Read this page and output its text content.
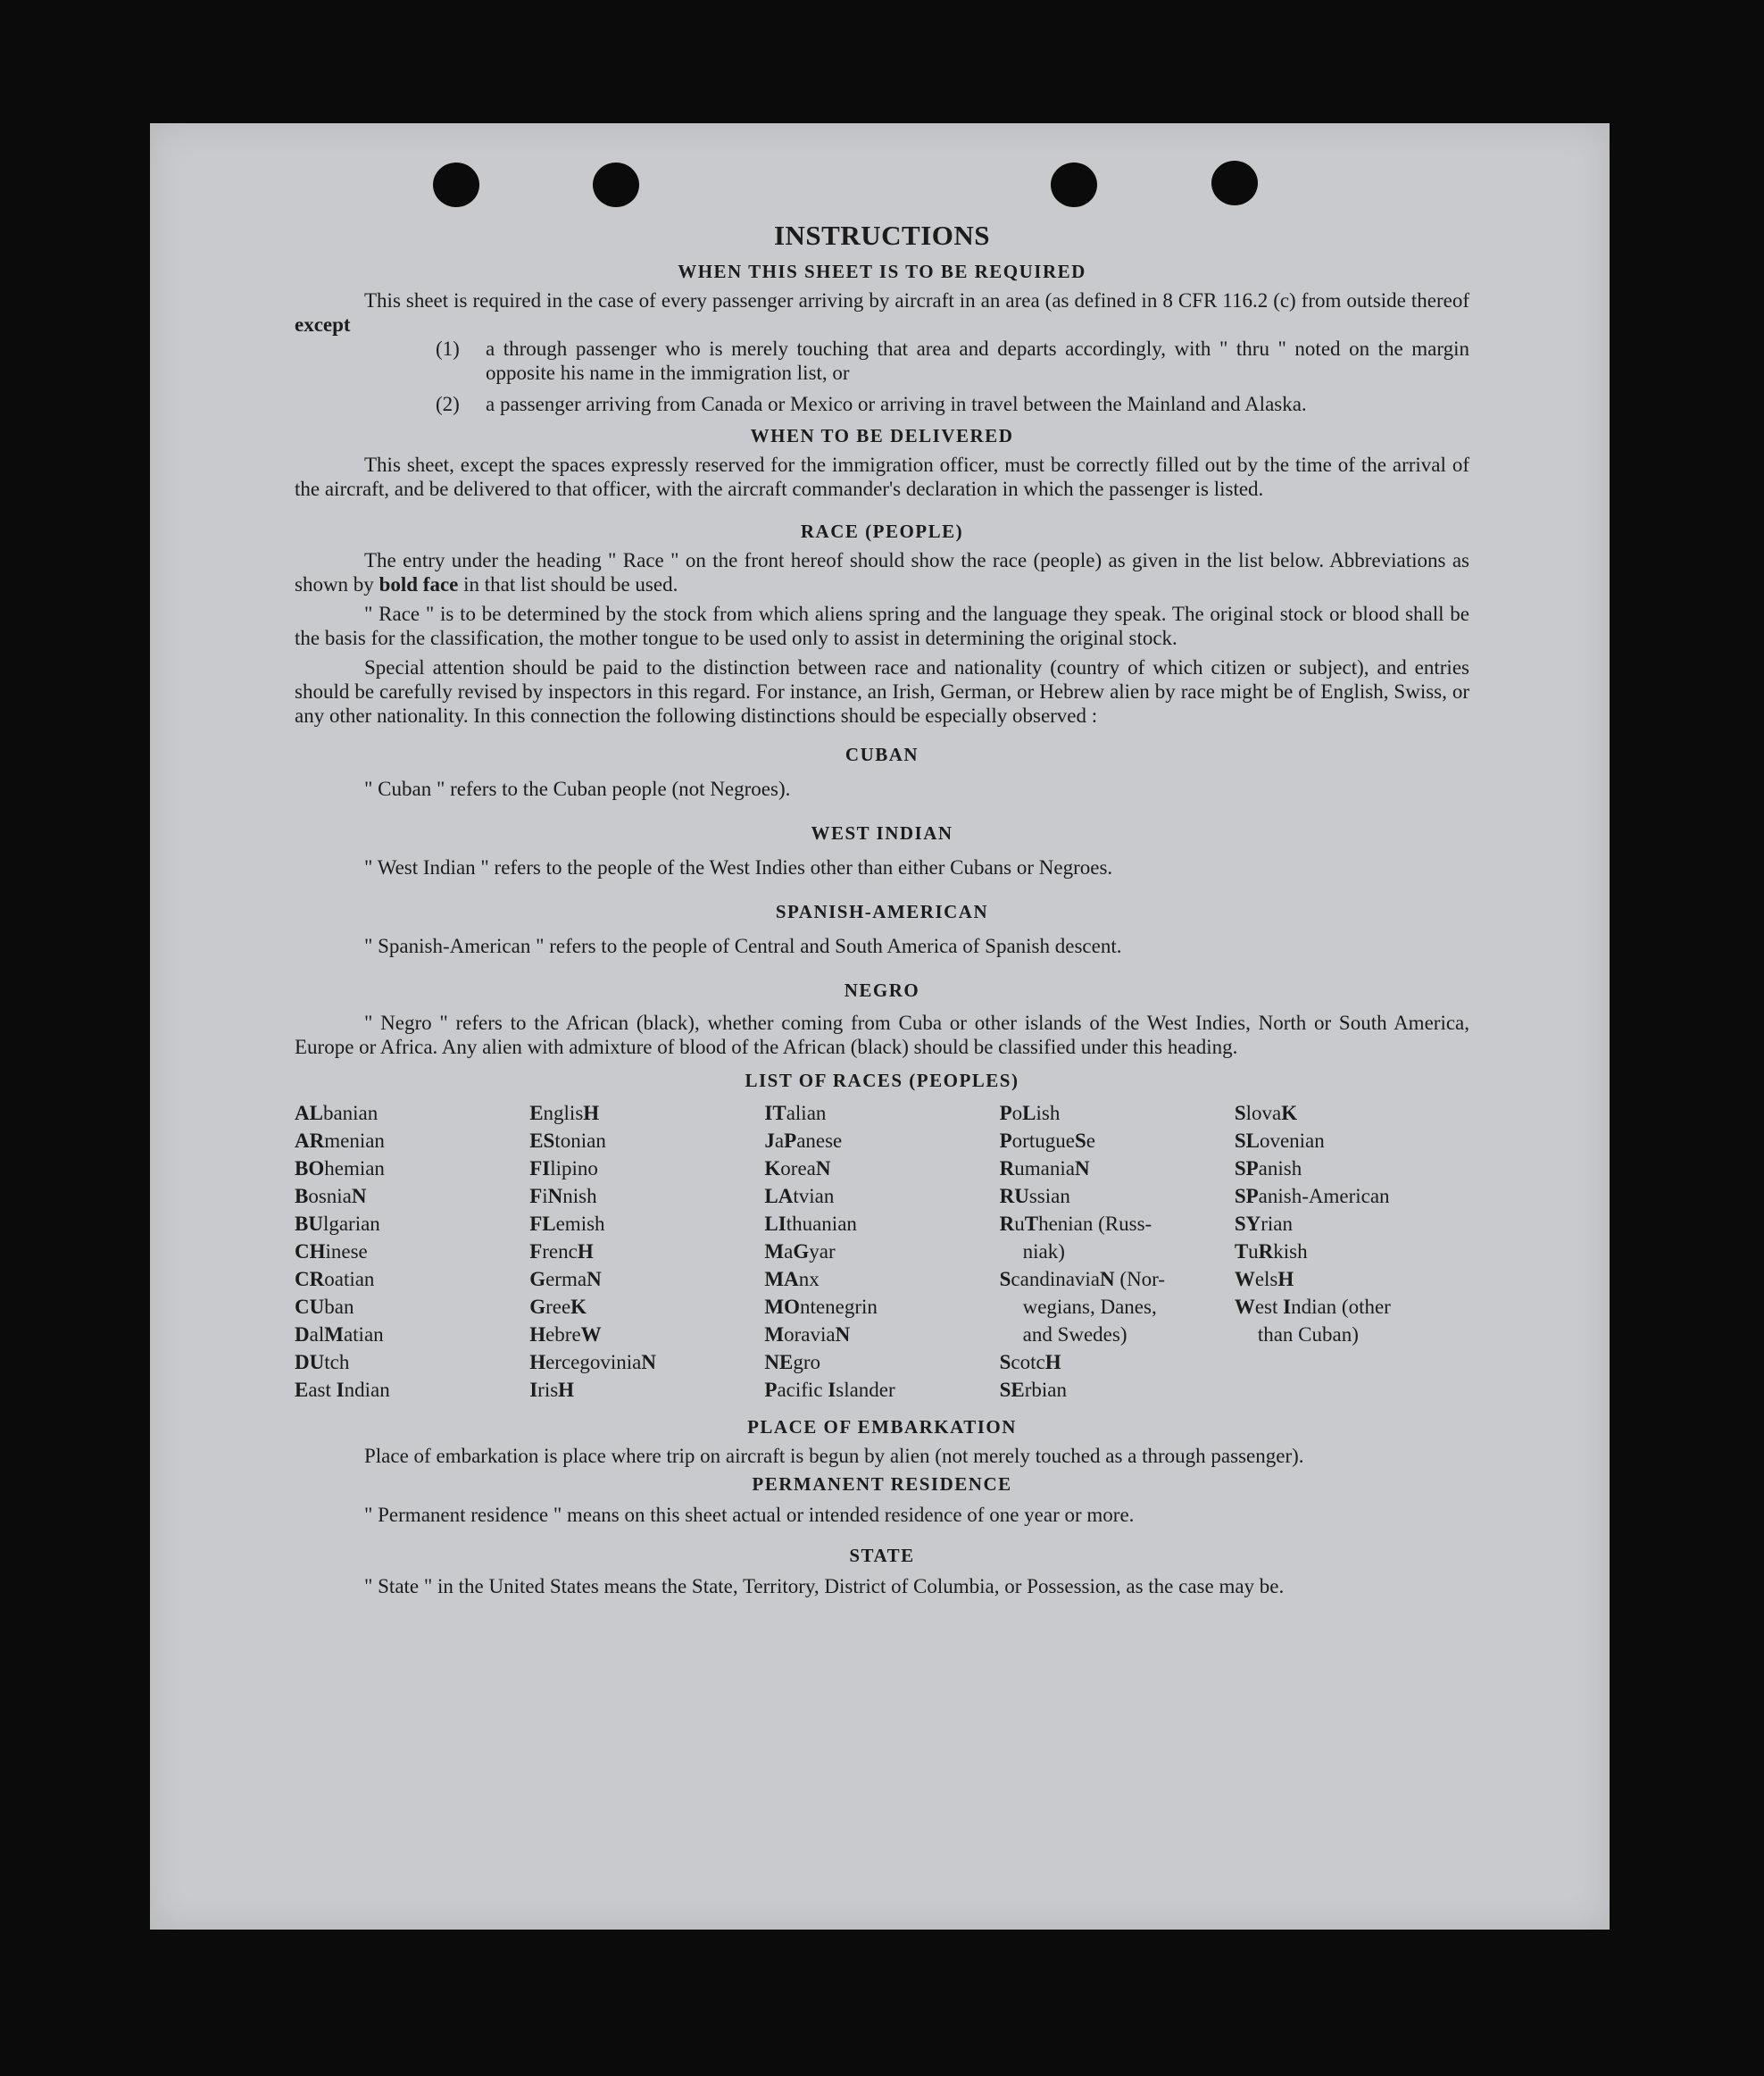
INSTRUCTIONS
WHEN THIS SHEET IS TO BE REQUIRED

This sheet is required in the case of every passenger arriving by aircraft in an area (as defined in 8 CFR 116.2 (c) from outside thereof except

(1)	a through passenger who is merely touching that area and departs accordingly, with " thru " noted on the margin opposite his name in the immigration list, or
(2)	a passenger arriving from Canada or Mexico or arriving in travel between the Mainland and Alaska.
WHEN TO BE DELIVERED

This sheet, except the spaces expressly reserved for the immigration officer, must be correctly filled out by the time of the arrival of the aircraft, and be delivered to that officer, with the aircraft commander's declaration in which the passenger is listed.

RACE (PEOPLE)

The entry under the heading " Race " on the front hereof should show the race (people) as given in the list below. Abbreviations as shown by bold face in that list should be used.

" Race " is to be determined by the stock from which aliens spring and the language they speak. The original stock or blood shall be the basis for the classification, the mother tongue to be used only to assist in determining the original stock.

Special attention should be paid to the distinction between race and nationality (country of which citizen or subject), and entries should be carefully revised by inspectors in this regard. For instance, an Irish, German, or Hebrew alien by race might be of English, Swiss, or any other nationality. In this connection the following distinctions should be especially observed :

CUBAN

" Cuban " refers to the Cuban people (not Negroes).

WEST INDIAN

" West Indian " refers to the people of the West Indies other than either Cubans or Negroes.

SPANISH-AMERICAN

" Spanish-American " refers to the people of Central and South America of Spanish descent.

NEGRO

" Negro " refers to the African (black), whether coming from Cuba or other islands of the West Indies, North or South America, Europe or Africa. Any alien with admixture of blood of the African (black) should be classified under this heading.

LIST OF RACES (PEOPLES)
ALbanian
ARmenian
BOhemian
BosniaN
BUlgarian
CHinese
CRoatian
CUban
DalMatian
DUtch
East Indian
EnglisH
EStonian
FIlipino
FiNnish
FLemish
FrencH
GermaN
GreeK
HebreW
HercegoviniaN
IrisH
ITalian
JaPanese
KoreaN
LAtvian
LIthuanian
MaGyar
MAnx
MOntenegrin
MoraviaN
NEgro
Pacific Islander
PoLish
PortugueSe
RumaniaN
RUssian
RuThenian (Russ-
niak)
ScandinaviaN (Nor-
wegians, Danes,
and Swedes)
ScotcH
SErbian
SlovaK
SLovenian
SPanish
SPanish-American
SYrian
TuRkish
WelsH
West Indian (other
than Cuban)
PLACE OF EMBARKATION

Place of embarkation is place where trip on aircraft is begun by alien (not merely touched as a through passenger).

PERMANENT RESIDENCE

" Permanent residence " means on this sheet actual or intended residence of one year or more.

STATE

" State " in the United States means the State, Territory, District of Columbia, or Possession, as the case may be.
